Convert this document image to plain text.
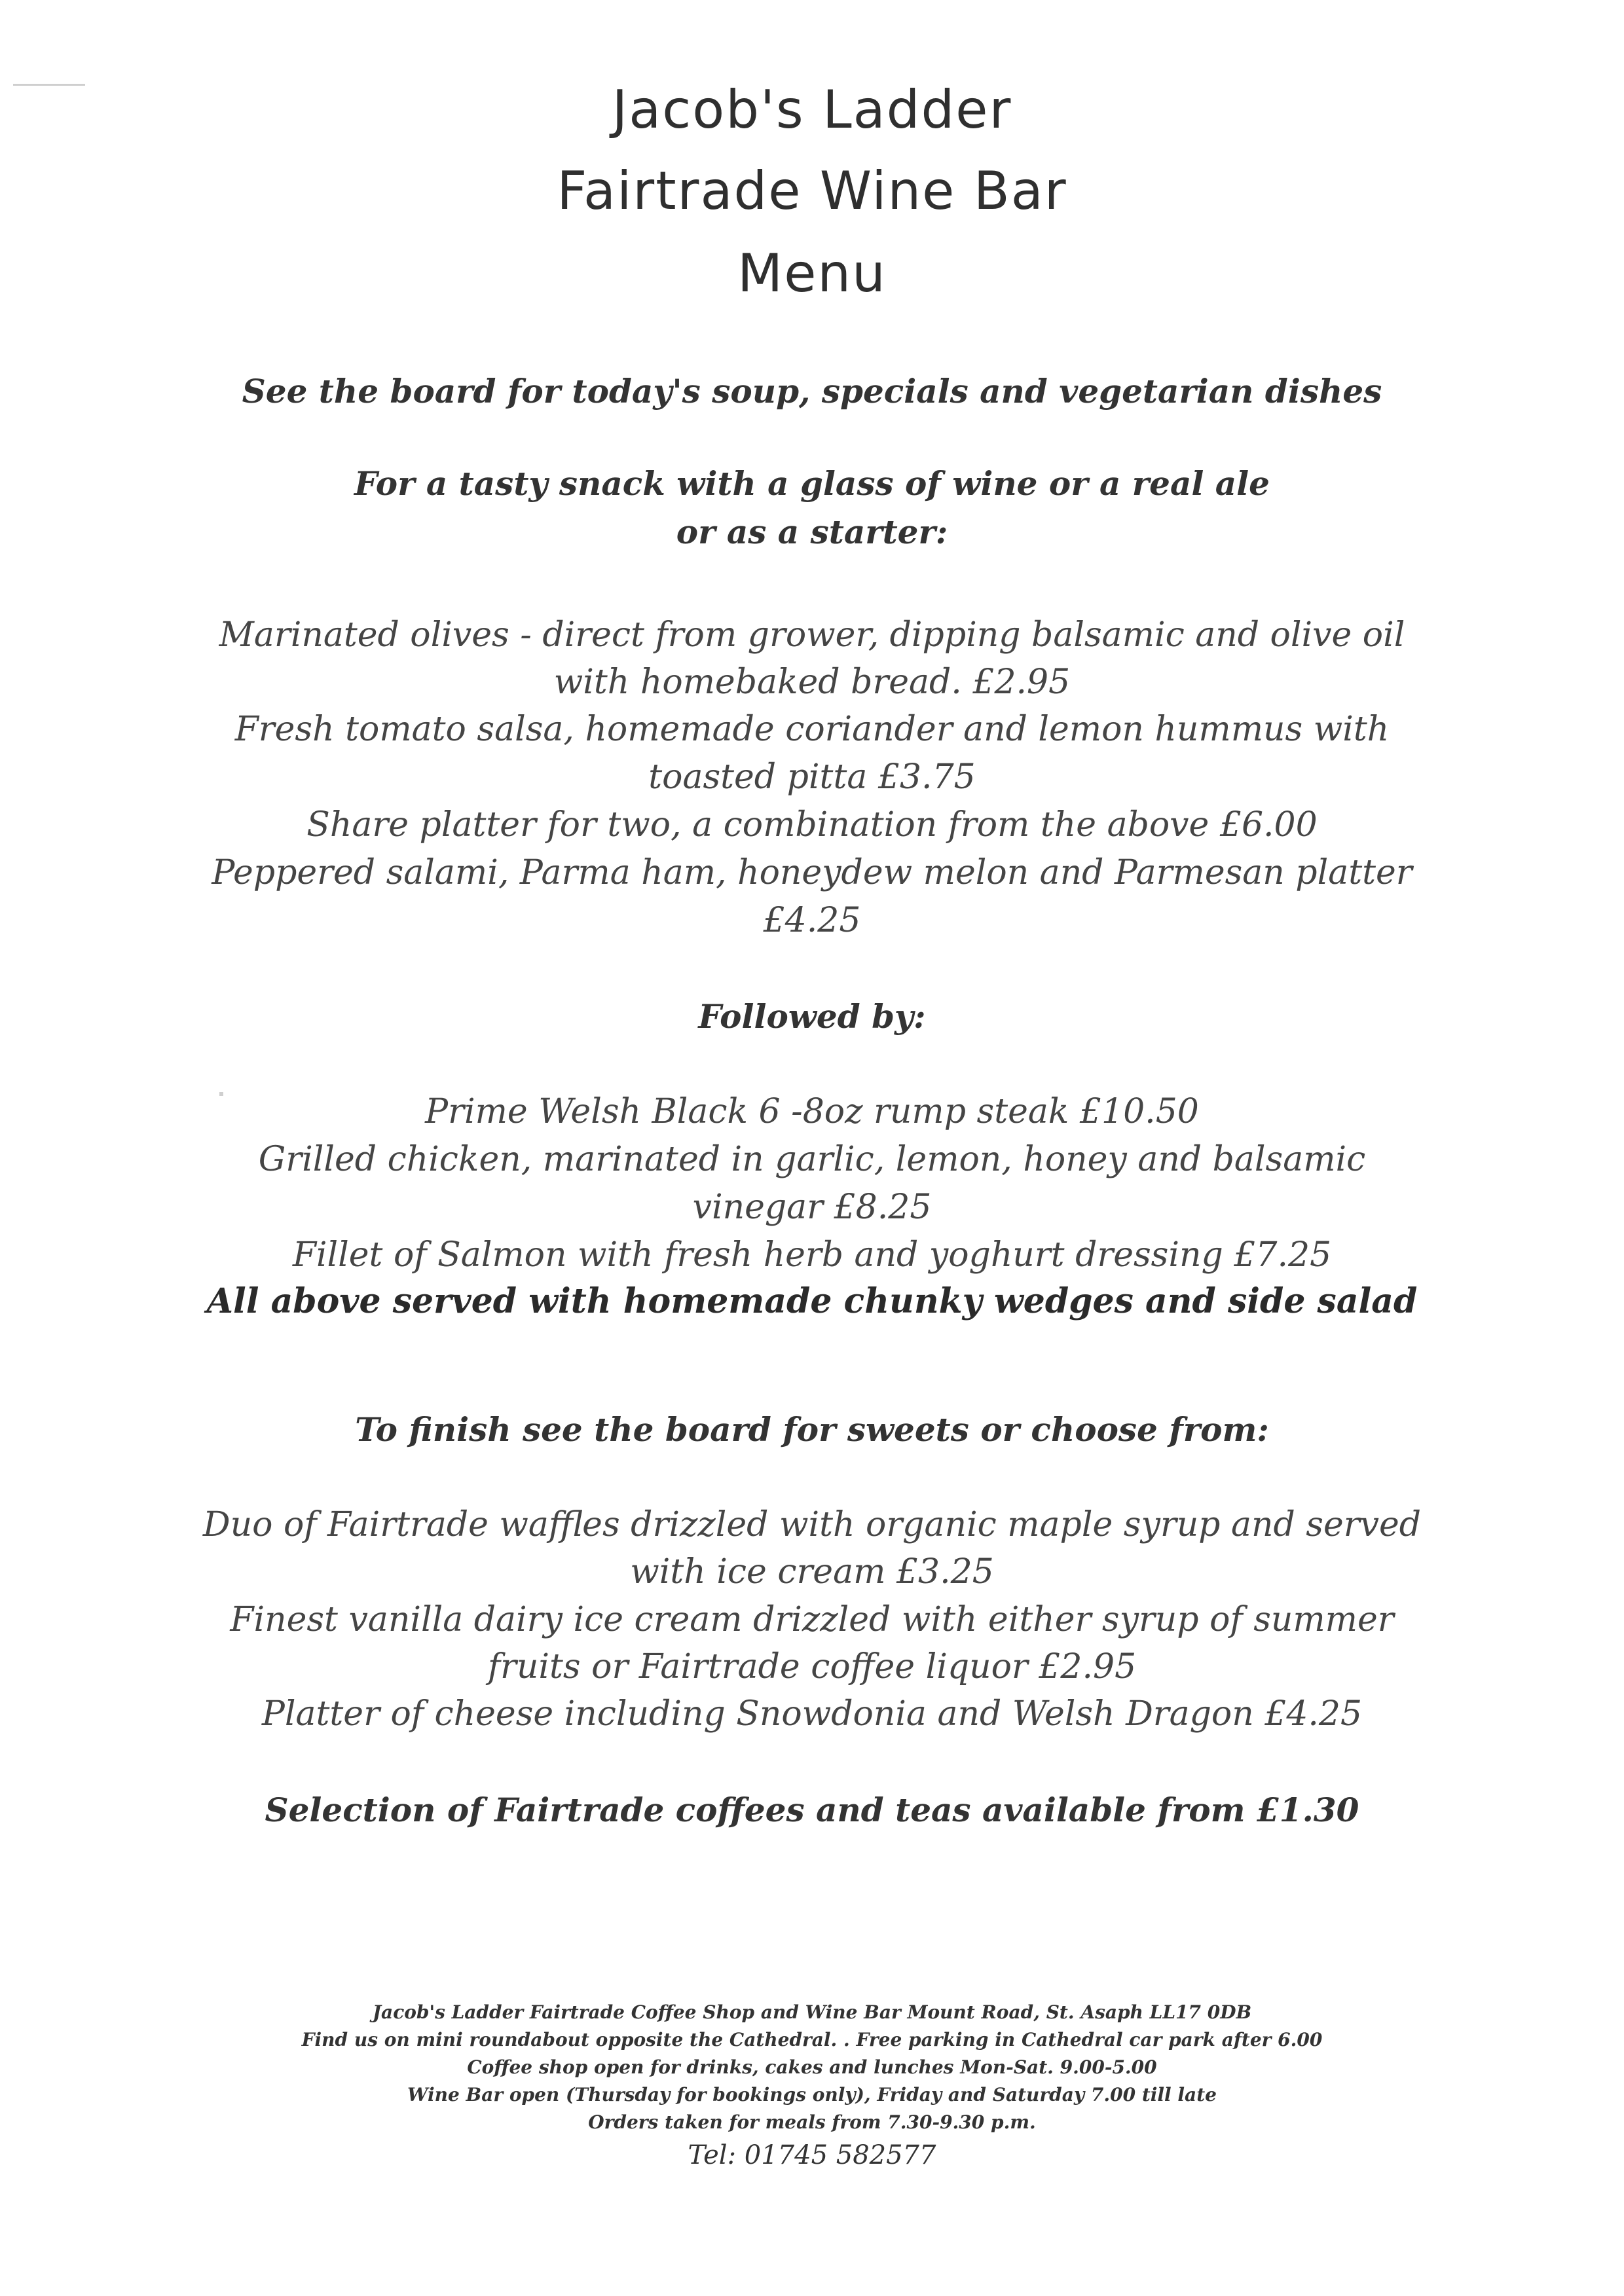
Jacob's Ladder
Fairtrade Wine Bar
Menu
See the board for today's soup, specials and vegetarian dishes
For a tasty snack with a glass of wine or a real ale
or as a starter:
Marinated olives - direct from grower, dipping balsamic and olive oil
with homebaked bread. £2.95
Fresh tomato salsa, homemade coriander and lemon hummus with
toasted pitta £3.75
Share platter for two, a combination from the above £6.00
Peppered salami, Parma ham, honeydew melon and Parmesan platter
£4.25
Followed by:
Prime Welsh Black 6 -8oz rump steak £10.50
Grilled chicken, marinated in garlic, lemon, honey and balsamic
vinegar £8.25
Fillet of Salmon with fresh herb and yoghurt dressing £7.25
All above served with homemade chunky wedges and side salad
To finish see the board for sweets or choose from:
Duo of Fairtrade waffles drizzled with organic maple syrup and served
with ice cream £3.25
Finest vanilla dairy ice cream drizzled with either syrup of summer
fruits or Fairtrade coffee liquor £2.95
Platter of cheese including Snowdonia and Welsh Dragon £4.25
Selection of Fairtrade coffees and teas available from £1.30
Jacob's Ladder Fairtrade Coffee Shop and Wine Bar Mount Road, St. Asaph LL17 0DB
Find us on mini roundabout opposite the Cathedral. . Free parking in Cathedral car park after 6.00
Coffee shop open for drinks, cakes and lunches Mon-Sat. 9.00-5.00
Wine Bar open (Thursday for bookings only), Friday and Saturday 7.00 till late
Orders taken for meals from 7.30-9.30 p.m.
Tel: 01745 582577
